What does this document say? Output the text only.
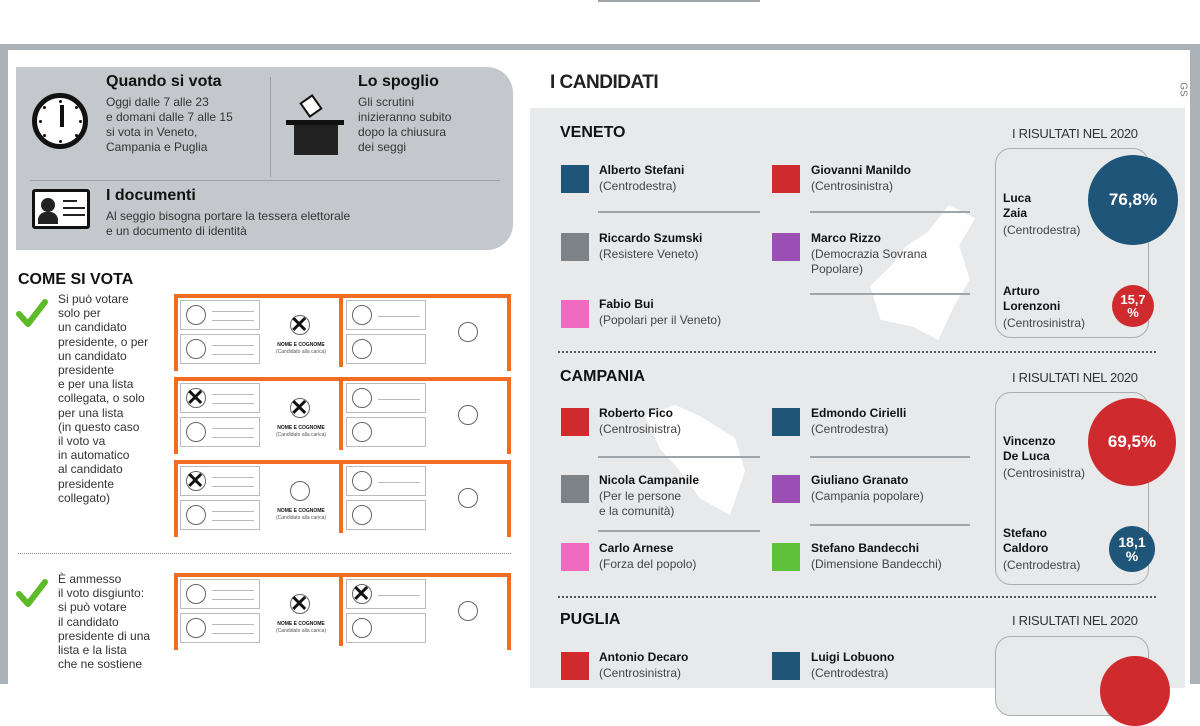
Quando si vota
Oggi dalle 7 alle 23
e domani dalle 7 alle 15
si vota in Veneto,
Campania e Puglia
Lo spoglio
Gli scrutini
inizieranno subito
dopo la chiusura
dei seggi
I documenti
Al seggio bisogna portare la tessera elettorale
e un documento di identità
COME SI VOTA
Si può votare
solo per
un candidato
presidente, o per
un candidato
presidente
e per una lista
collegata, o solo
per una lista
(in questo caso
il voto va
in automatico
al candidato
presidente
collegato)
✕
NOME E COGNOME
(Candidato alla carica)
✕	✕
NOME E COGNOME
(Candidato alla carica)
✕
NOME E COGNOME
(Candidato alla carica)
È ammesso
il voto disgiunto:
si può votare
il candidato
presidente di una
lista e la lista
che ne sostiene
✕
NOME E COGNOME
(Candidato alla carica)
✕
I CANDIDATI	GS
VENETO	I RISULTATI NEL 2020
Alberto Stefani
(Centrodestra)
Giovanni Manildo
(Centrosinistra)
Riccardo Szumski
(Resistere Veneto)
Marco Rizzo
(Democrazia Sovrana
Popolare)
Fabio Bui
(Popolari per il Veneto)
Luca
Zaia
(Centrodestra)
76,8%
Arturo
Lorenzoni
(Centrosinistra)
15,7
%
CAMPANIA	I RISULTATI NEL 2020
Roberto Fico
(Centrosinistra)
Edmondo Cirielli
(Centrodestra)
Nicola Campanile
(Per le persone
e la comunità)
Giuliano Granato
(Campania popolare)
Carlo Arnese
(Forza del popolo)
Stefano Bandecchi
(Dimensione Bandecchi)
Vincenzo
De Luca
(Centrosinistra)
69,5%
Stefano
Caldoro
(Centrodestra)
18,1
%
PUGLIA	I RISULTATI NEL 2020
Antonio Decaro
(Centrosinistra)
Luigi Lobuono
(Centrodestra)
